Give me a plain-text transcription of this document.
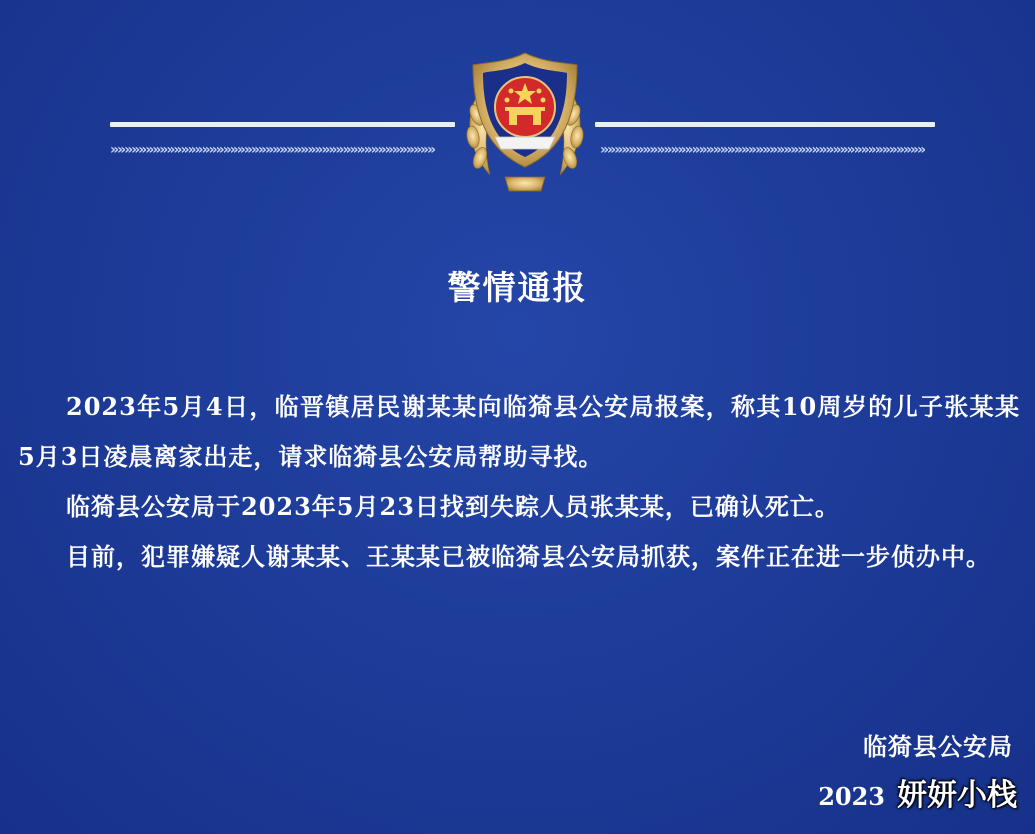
»»»»»»»»»»»»»»»»»»»»»»»»»»»»»»»»»»»»»»»»»»»»»»	»»»»»»»»»»»»»»»»»»»»»»»»»»»»»»»»»»»»»»»»»»»»»»
警情通报

2023年5月4日，临晋镇居民谢某某向临猗县公安局报案，称其10周岁的儿子张某某5月3日凌晨离家出走，请求临猗县公安局帮助寻找。

临猗县公安局于2023年5月23日找到失踪人员张某某，已确认死亡。

目前，犯罪嫌疑人谢某某、王某某已被临猗县公安局抓获，案件正在进一步侦办中。

临猗县公安局
2023 妍妍小栈
